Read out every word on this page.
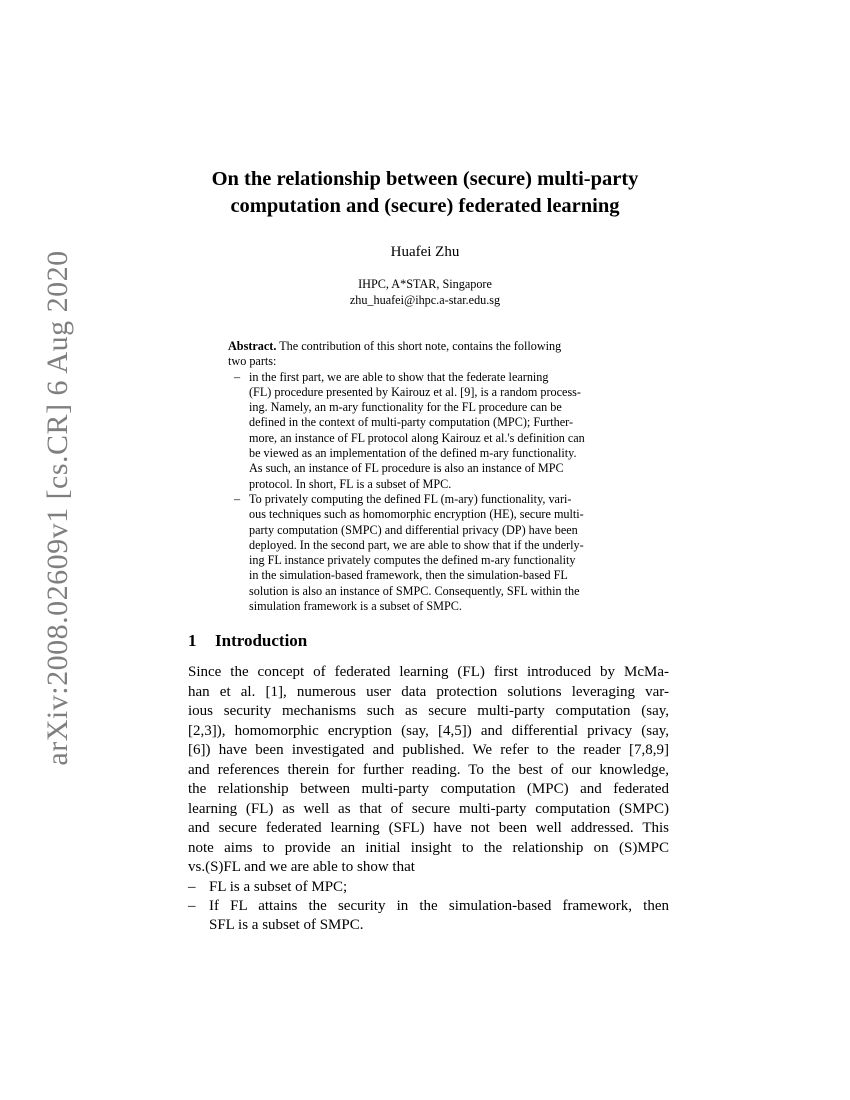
arXiv:2008.02609v1 [cs.CR] 6 Aug 2020
On the relationship between (secure) multi-party
computation and (secure) federated learning
Huafei Zhu
IHPC, A*STAR, Singapore
zhu_huafei@ihpc.a-star.edu.sg
Abstract. The contribution of this short note, contains the following
two parts:
– in the first part, we are able to show that the federate learning
(FL) procedure presented by Kairouz et al. [9], is a random process-
ing. Namely, an m-ary functionality for the FL procedure can be
defined in the context of multi-party computation (MPC); Further-
more, an instance of FL protocol along Kairouz et al.'s definition can
be viewed as an implementation of the defined m-ary functionality.
As such, an instance of FL procedure is also an instance of MPC
protocol. In short, FL is a subset of MPC.
– To privately computing the defined FL (m-ary) functionality, vari-
ous techniques such as homomorphic encryption (HE), secure multi-
party computation (SMPC) and differential privacy (DP) have been
deployed. In the second part, we are able to show that if the underly-
ing FL instance privately computes the defined m-ary functionality
in the simulation-based framework, then the simulation-based FL
solution is also an instance of SMPC. Consequently, SFL within the
simulation framework is a subset of SMPC.
1 Introduction
Since the concept of federated learning (FL) first introduced by McMa-
han et al. [1], numerous user data protection solutions leveraging var-
ious security mechanisms such as secure multi-party computation (say,
[2,3]), homomorphic encryption (say, [4,5]) and differential privacy (say,
[6]) have been investigated and published. We refer to the reader [7,8,9]
and references therein for further reading. To the best of our knowledge,
the relationship between multi-party computation (MPC) and federated
learning (FL) as well as that of secure multi-party computation (SMPC)
and secure federated learning (SFL) have not been well addressed. This
note aims to provide an initial insight to the relationship on (S)MPC
vs.(S)FL and we are able to show that
– FL is a subset of MPC;
– If FL attains the security in the simulation-based framework, then
SFL is a subset of SMPC.
